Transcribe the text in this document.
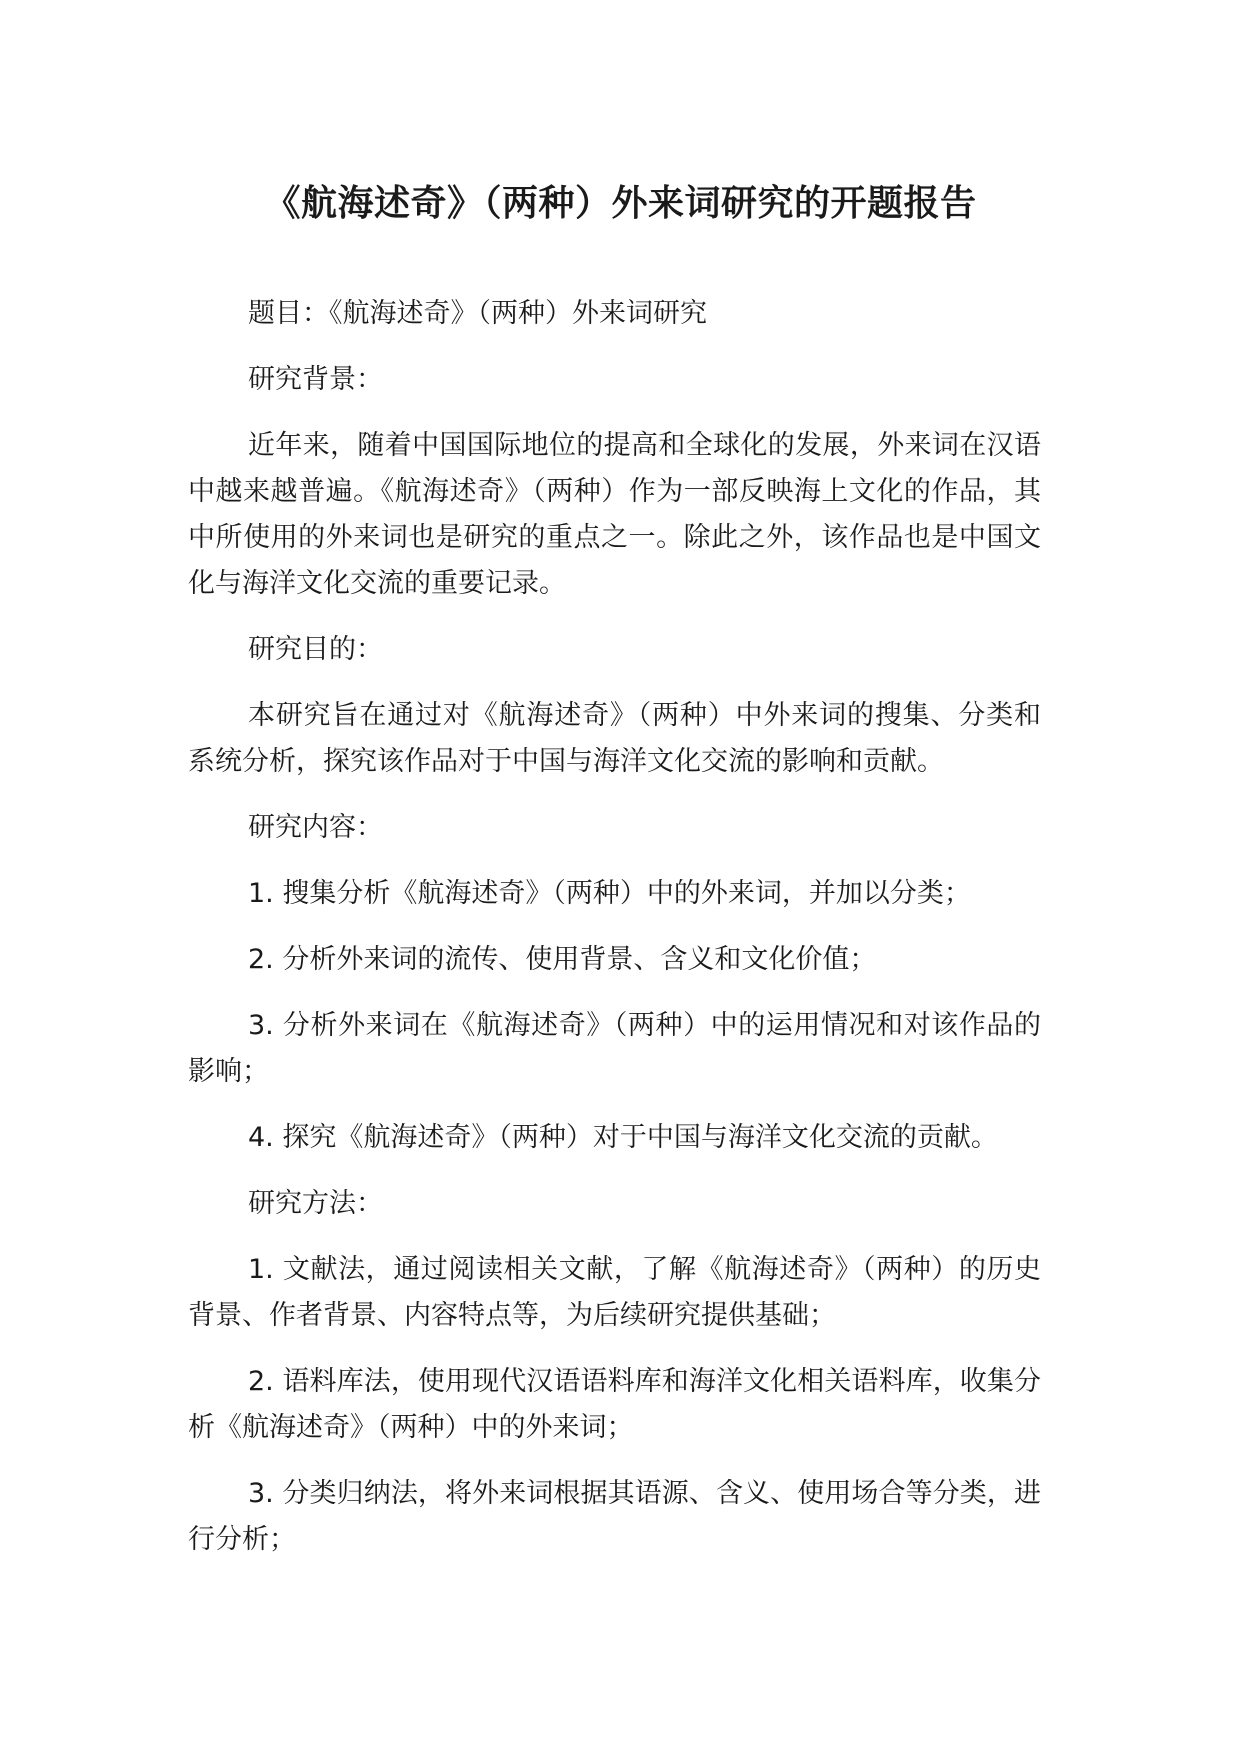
《航海述奇》（两种）外来词研究的开题报告

题目：《航海述奇》（两种）外来词研究

研究背景：

近年来，随着中国国际地位的提高和全球化的发展，外来词在汉语中越来越普遍。《航海述奇》（两种）作为一部反映海上文化的作品，其中所使用的外来词也是研究的重点之一。除此之外，该作品也是中国文化与海洋文化交流的重要记录。

研究目的：

本研究旨在通过对《航海述奇》（两种）中外来词的搜集、分类和系统分析，探究该作品对于中国与海洋文化交流的影响和贡献。

研究内容：

1. 搜集分析《航海述奇》（两种）中的外来词，并加以分类；

2. 分析外来词的流传、使用背景、含义和文化价值；

3. 分析外来词在《航海述奇》（两种）中的运用情况和对该作品的影响；

4. 探究《航海述奇》（两种）对于中国与海洋文化交流的贡献。

研究方法：

1. 文献法，通过阅读相关文献，了解《航海述奇》（两种）的历史背景、作者背景、内容特点等，为后续研究提供基础；

2. 语料库法，使用现代汉语语料库和海洋文化相关语料库，收集分析《航海述奇》（两种）中的外来词；

3. 分类归纳法，将外来词根据其语源、含义、使用场合等分类，进行分析；
